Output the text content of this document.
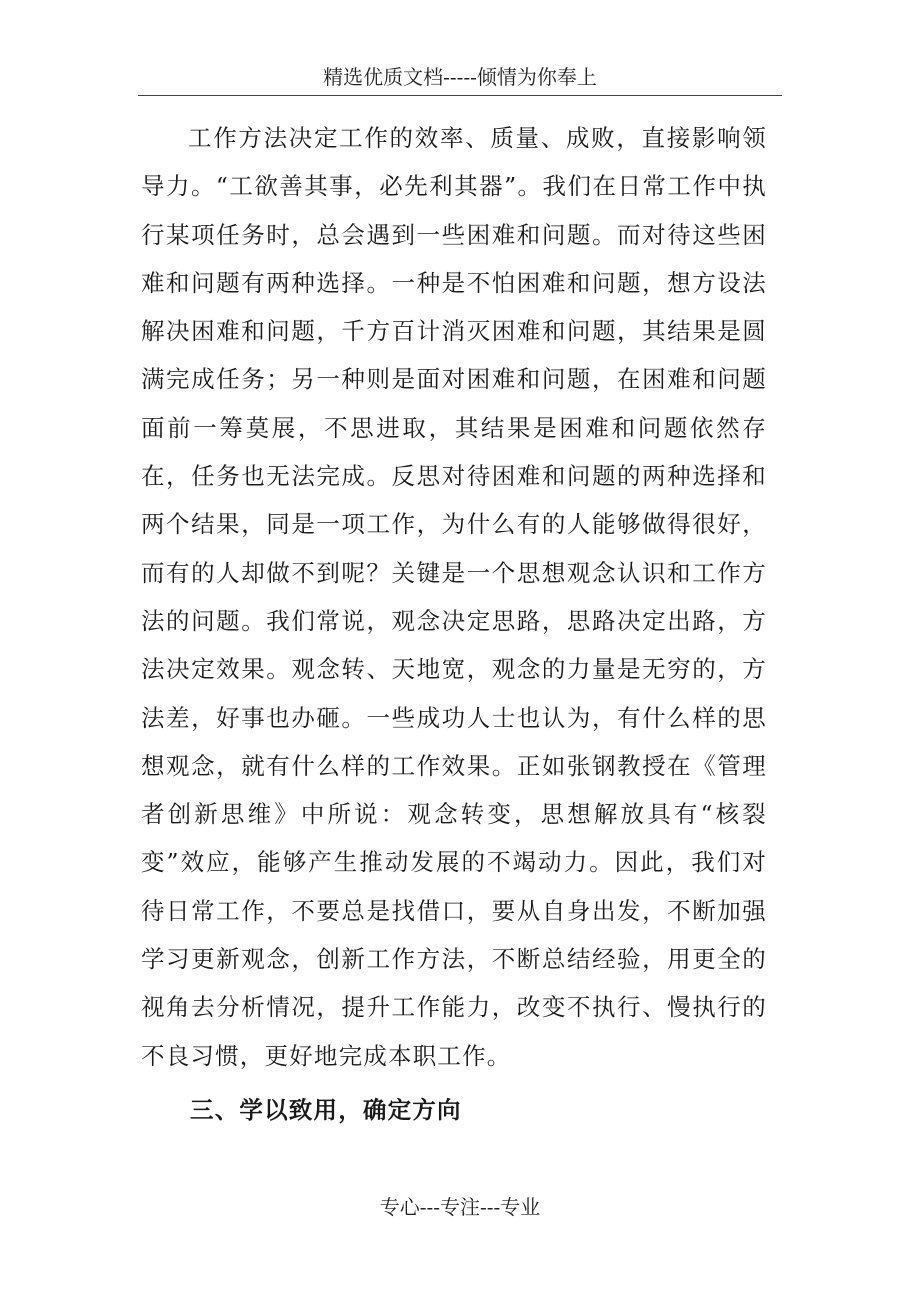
精选优质文档-----倾情为你奉上

工作方法决定工作的效率、质量、成败，直接影响领导力。“工欲善其事，必先利其器”。我们在日常工作中执行某项任务时，总会遇到一些困难和问题。而对待这些困难和问题有两种选择。一种是不怕困难和问题，想方设法解决困难和问题，千方百计消灭困难和问题，其结果是圆满完成任务；另一种则是面对困难和问题，在困难和问题面前一筹莫展，不思进取，其结果是困难和问题依然存在，任务也无法完成。反思对待困难和问题的两种选择和两个结果，同是一项工作，为什么有的人能够做得很好，而有的人却做不到呢？关键是一个思想观念认识和工作方法的问题。我们常说，观念决定思路，思路决定出路，方法决定效果。观念转、天地宽，观念的力量是无穷的，方法差，好事也办砸。一些成功人士也认为，有什么样的思想观念，就有什么样的工作效果。正如张钢教授在《管理者创新思维》中所说：观念转变，思想解放具有“核裂变”效应，能够产生推动发展的不竭动力。因此，我们对待日常工作，不要总是找借口，要从自身出发，不断加强学习更新观念，创新工作方法，不断总结经验，用更全的视角去分析情况，提升工作能力，改变不执行、慢执行的不良习惯，更好地完成本职工作。

三、学以致用，确定方向

专心---专注---专业
